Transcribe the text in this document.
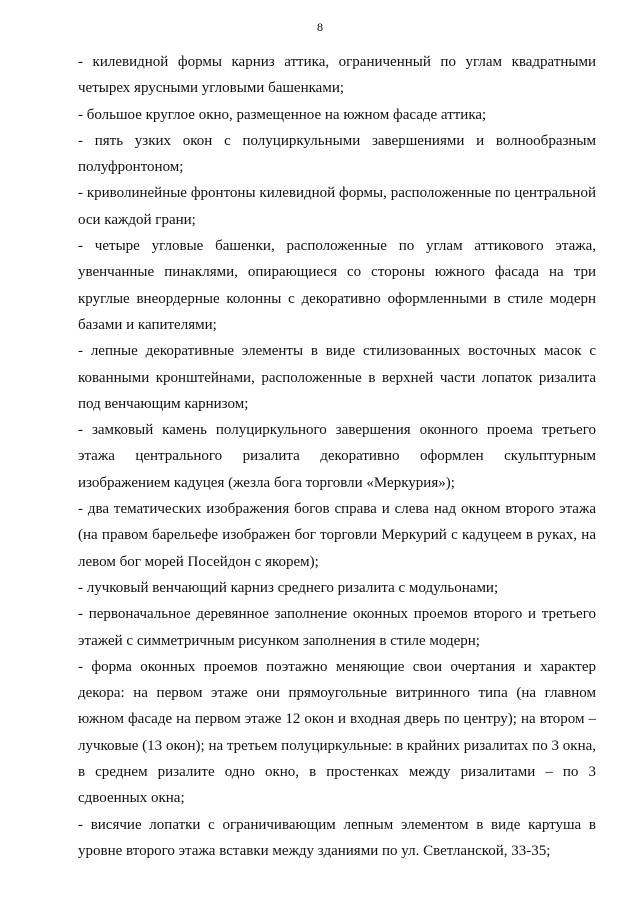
8

- килевидной формы карниз аттика, ограниченный по углам квадратными четырех ярусными угловыми башенками;

- большое круглое окно, размещенное на южном фасаде аттика;

- пять узких окон с полуциркульными завершениями и волнообразным полуфронтоном;

- криволинейные фронтоны килевидной формы, расположенные по центральной оси каждой грани;

- четыре угловые башенки, расположенные по углам аттикового этажа, увенчанные пинаклями, опирающиеся со стороны южного фасада на три круглые внеордерные колонны с декоративно оформленными в стиле модерн базами и капителями;

- лепные декоративные элементы в виде стилизованных восточных масок с кованными кронштейнами, расположенные в верхней части лопаток ризалита под венчающим карнизом;

- замковый камень полуциркульного завершения оконного проема третьего этажа центрального ризалита декоративно оформлен скульптурным изображением кадуцея (жезла бога торговли «Меркурия»);

- два тематических изображения богов справа и слева над окном второго этажа (на правом барельефе изображен бог торговли Меркурий с кадуцеем в руках, на левом бог морей Посейдон с якорем);

- лучковый венчающий карниз среднего ризалита с модульонами;

- первоначальное деревянное заполнение оконных проемов второго и третьего этажей с симметричным рисунком заполнения в стиле модерн;

- форма оконных проемов поэтажно меняющие свои очертания и характер декора: на первом этаже они прямоугольные витринного типа (на главном южном фасаде на первом этаже 12 окон и входная дверь по центру); на втором – лучковые (13 окон); на третьем полуциркульные: в крайних ризалитах по 3 окна, в среднем ризалите одно окно, в простенках между ризалитами – по 3 сдвоенных окна;

- висячие лопатки с ограничивающим лепным элементом в виде картуша в уровне второго этажа вставки между зданиями по ул. Светланской, 33-35;
